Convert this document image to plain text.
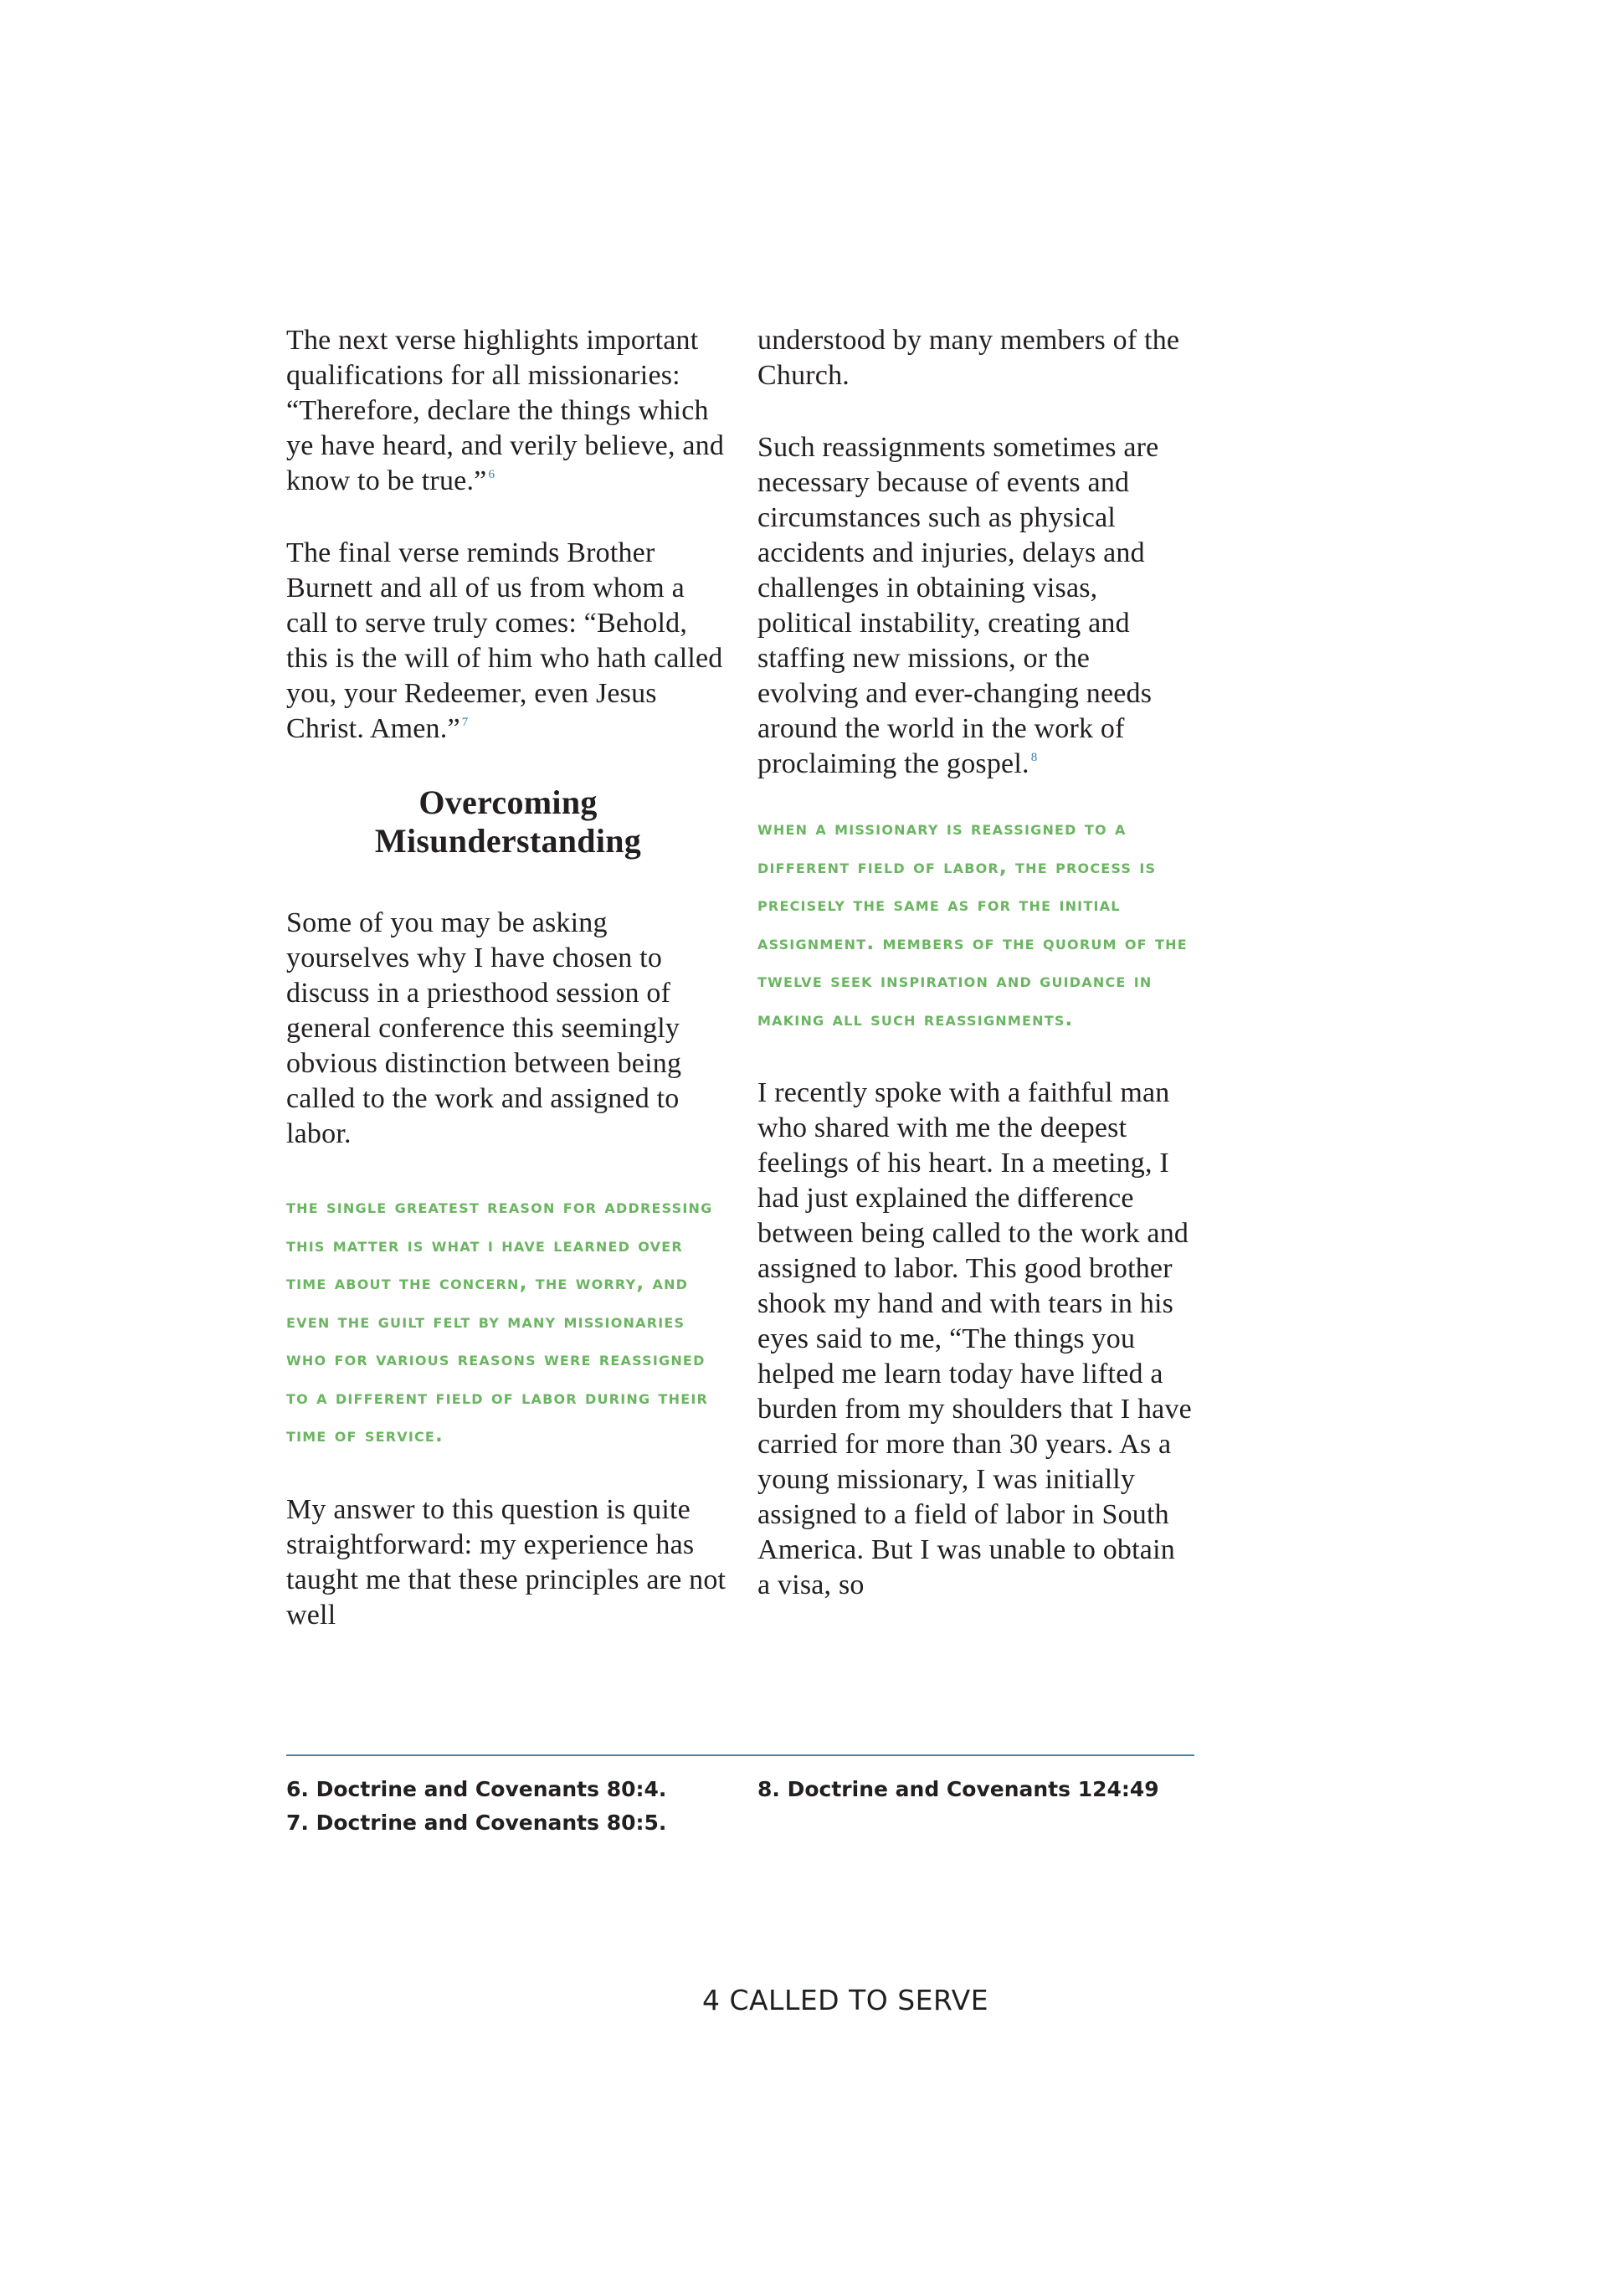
The next verse highlights important qualifications for all missionaries: “Therefore, declare the things which ye have heard, and verily believe, and know to be true.” $^6$

The final verse reminds Brother Burnett and all of us from whom a call to serve truly comes: “Behold, this is the will of him who hath called you, your Redeemer, even Jesus Christ. Amen.” $^7$

Overcoming
Misunderstanding

Some of you may be asking yourselves why I have chosen to discuss in a priesthood session of general conference this seemingly obvious distinction between being called to the work and assigned to labor.

the single greatest reason for addressing this matter is what i have learned over time about the concern, the worry, and even the guilt felt by many missionaries who for various reasons were reassigned to a different field of labor during their time of service.

My answer to this question is quite straightforward: my experience has taught me that these principles are not well

understood by many members of the Church.

Such reassignments sometimes are necessary because of events and circumstances such as physical accidents and injuries, delays and challenges in obtaining visas, political instability, creating and staffing new missions, or the evolving and ever-changing needs around the world in the work of proclaiming the gospel. $^8$

when a missionary is reassigned to a different field of labor, the process is precisely the same as for the initial assignment. members of the quorum of the twelve seek inspiration and guidance in making all such reassignments.

I recently spoke with a faithful man who shared with me the deepest feelings of his heart. In a meeting, I had just explained the difference between being called to the work and assigned to labor. This good brother shook my hand and with tears in his eyes said to me, “The things you helped me learn today have lifted a burden from my shoulders that I have carried for more than 30 years. As a young missionary, I was initially assigned to a field of labor in South America. But I was unable to obtain a visa, so

6. Doctrine and Covenants 80:4.
7. Doctrine and Covenants 80:5.
8. Doctrine and Covenants 124:49
4 CALLED TO SERVE
